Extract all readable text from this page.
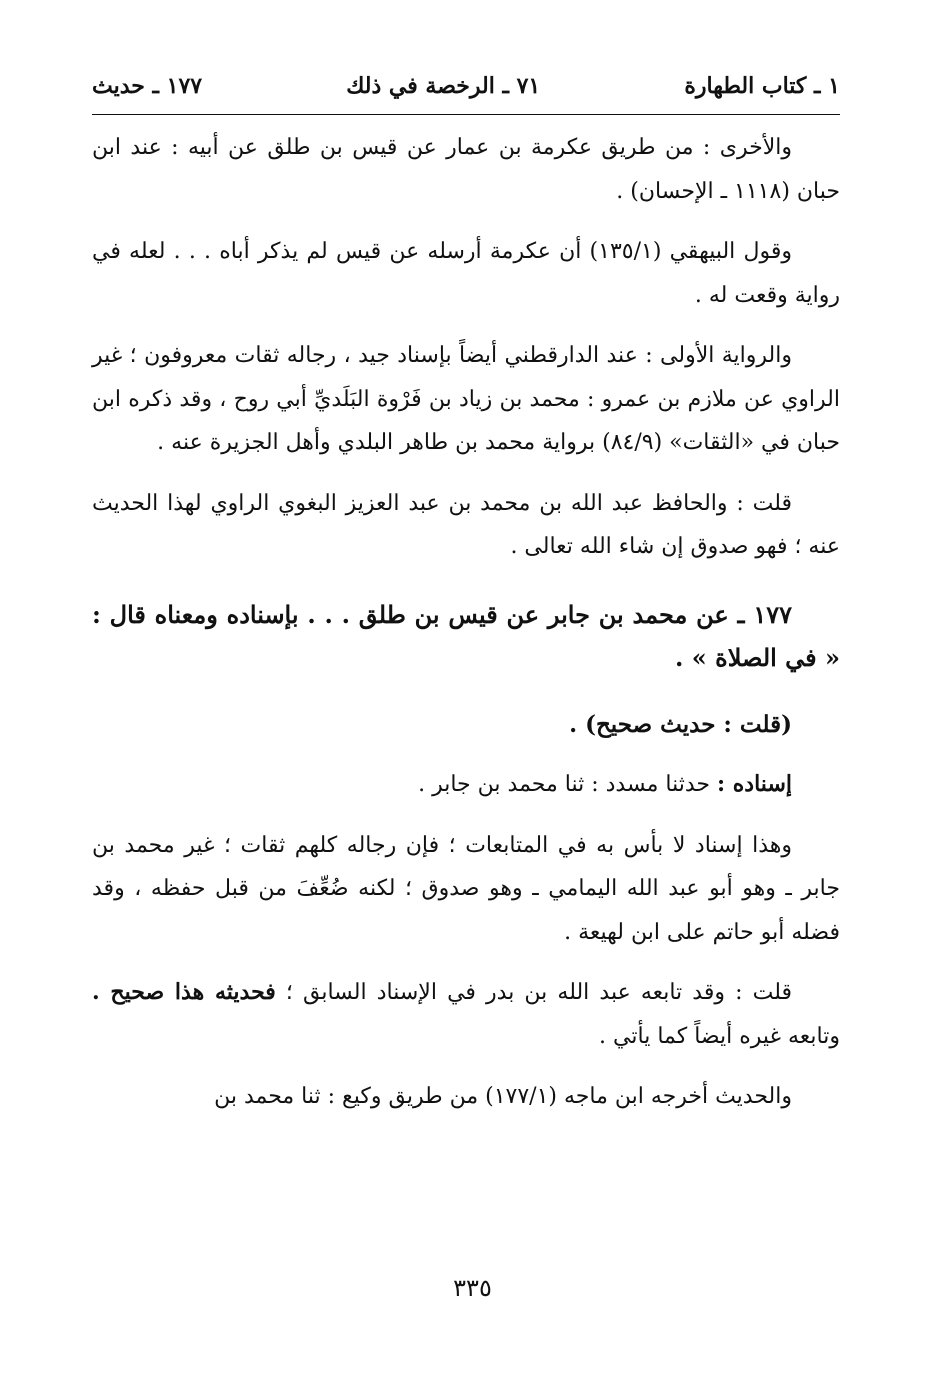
١ ـ كتاب الطهارة
٧١ ـ الرخصة في ذلك
١٧٧ ـ حديث

والأخرى : من طريق عكرمة بن عمار عن قيس بن طلق عن أبيه : عند ابن حبان (١١١٨ ـ الإحسان) .

وقول البيهقي (١٣٥/١) أن عكرمة أرسله عن قيس لم يذكر أباه . . . لعله في رواية وقعت له .

والرواية الأولى : عند الدارقطني أيضاً بإسناد جيد ، رجاله ثقات معروفون ؛ غير الراوي عن ملازم بن عمرو : محمد بن زياد بن فَرْوة البَلَديِّ أبي روح ، وقد ذكره ابن حبان في «الثقات» (٨٤/٩) برواية محمد بن طاهر البلدي وأهل الجزيرة عنه .

قلت : والحافظ عبد الله بن محمد بن عبد العزيز البغوي الراوي لهذا الحديث عنه ؛ فهو صدوق إن شاء الله تعالى .

١٧٧ ـ عن محمد بن جابر عن قيس بن طلق . . . بإسناده ومعناه قال : « في الصلاة » .

(قلت : حديث صحيح) .

إسناده : حدثنا مسدد : ثنا محمد بن جابر .

وهذا إسناد لا بأس به في المتابعات ؛ فإن رجاله كلهم ثقات ؛ غير محمد بن جابر ـ وهو أبو عبد الله اليمامي ـ وهو صدوق ؛ لكنه ضُعِّفَ من قبل حفظه ، وقد فضله أبو حاتم على ابن لهيعة .

قلت : وقد تابعه عبد الله بن بدر في الإسناد السابق ؛ فحديثه هذا صحيح . وتابعه غيره أيضاً كما يأتي .

والحديث أخرجه ابن ماجه (١٧٧/١) من طريق وكيع : ثنا محمد بن

٣٣٥
